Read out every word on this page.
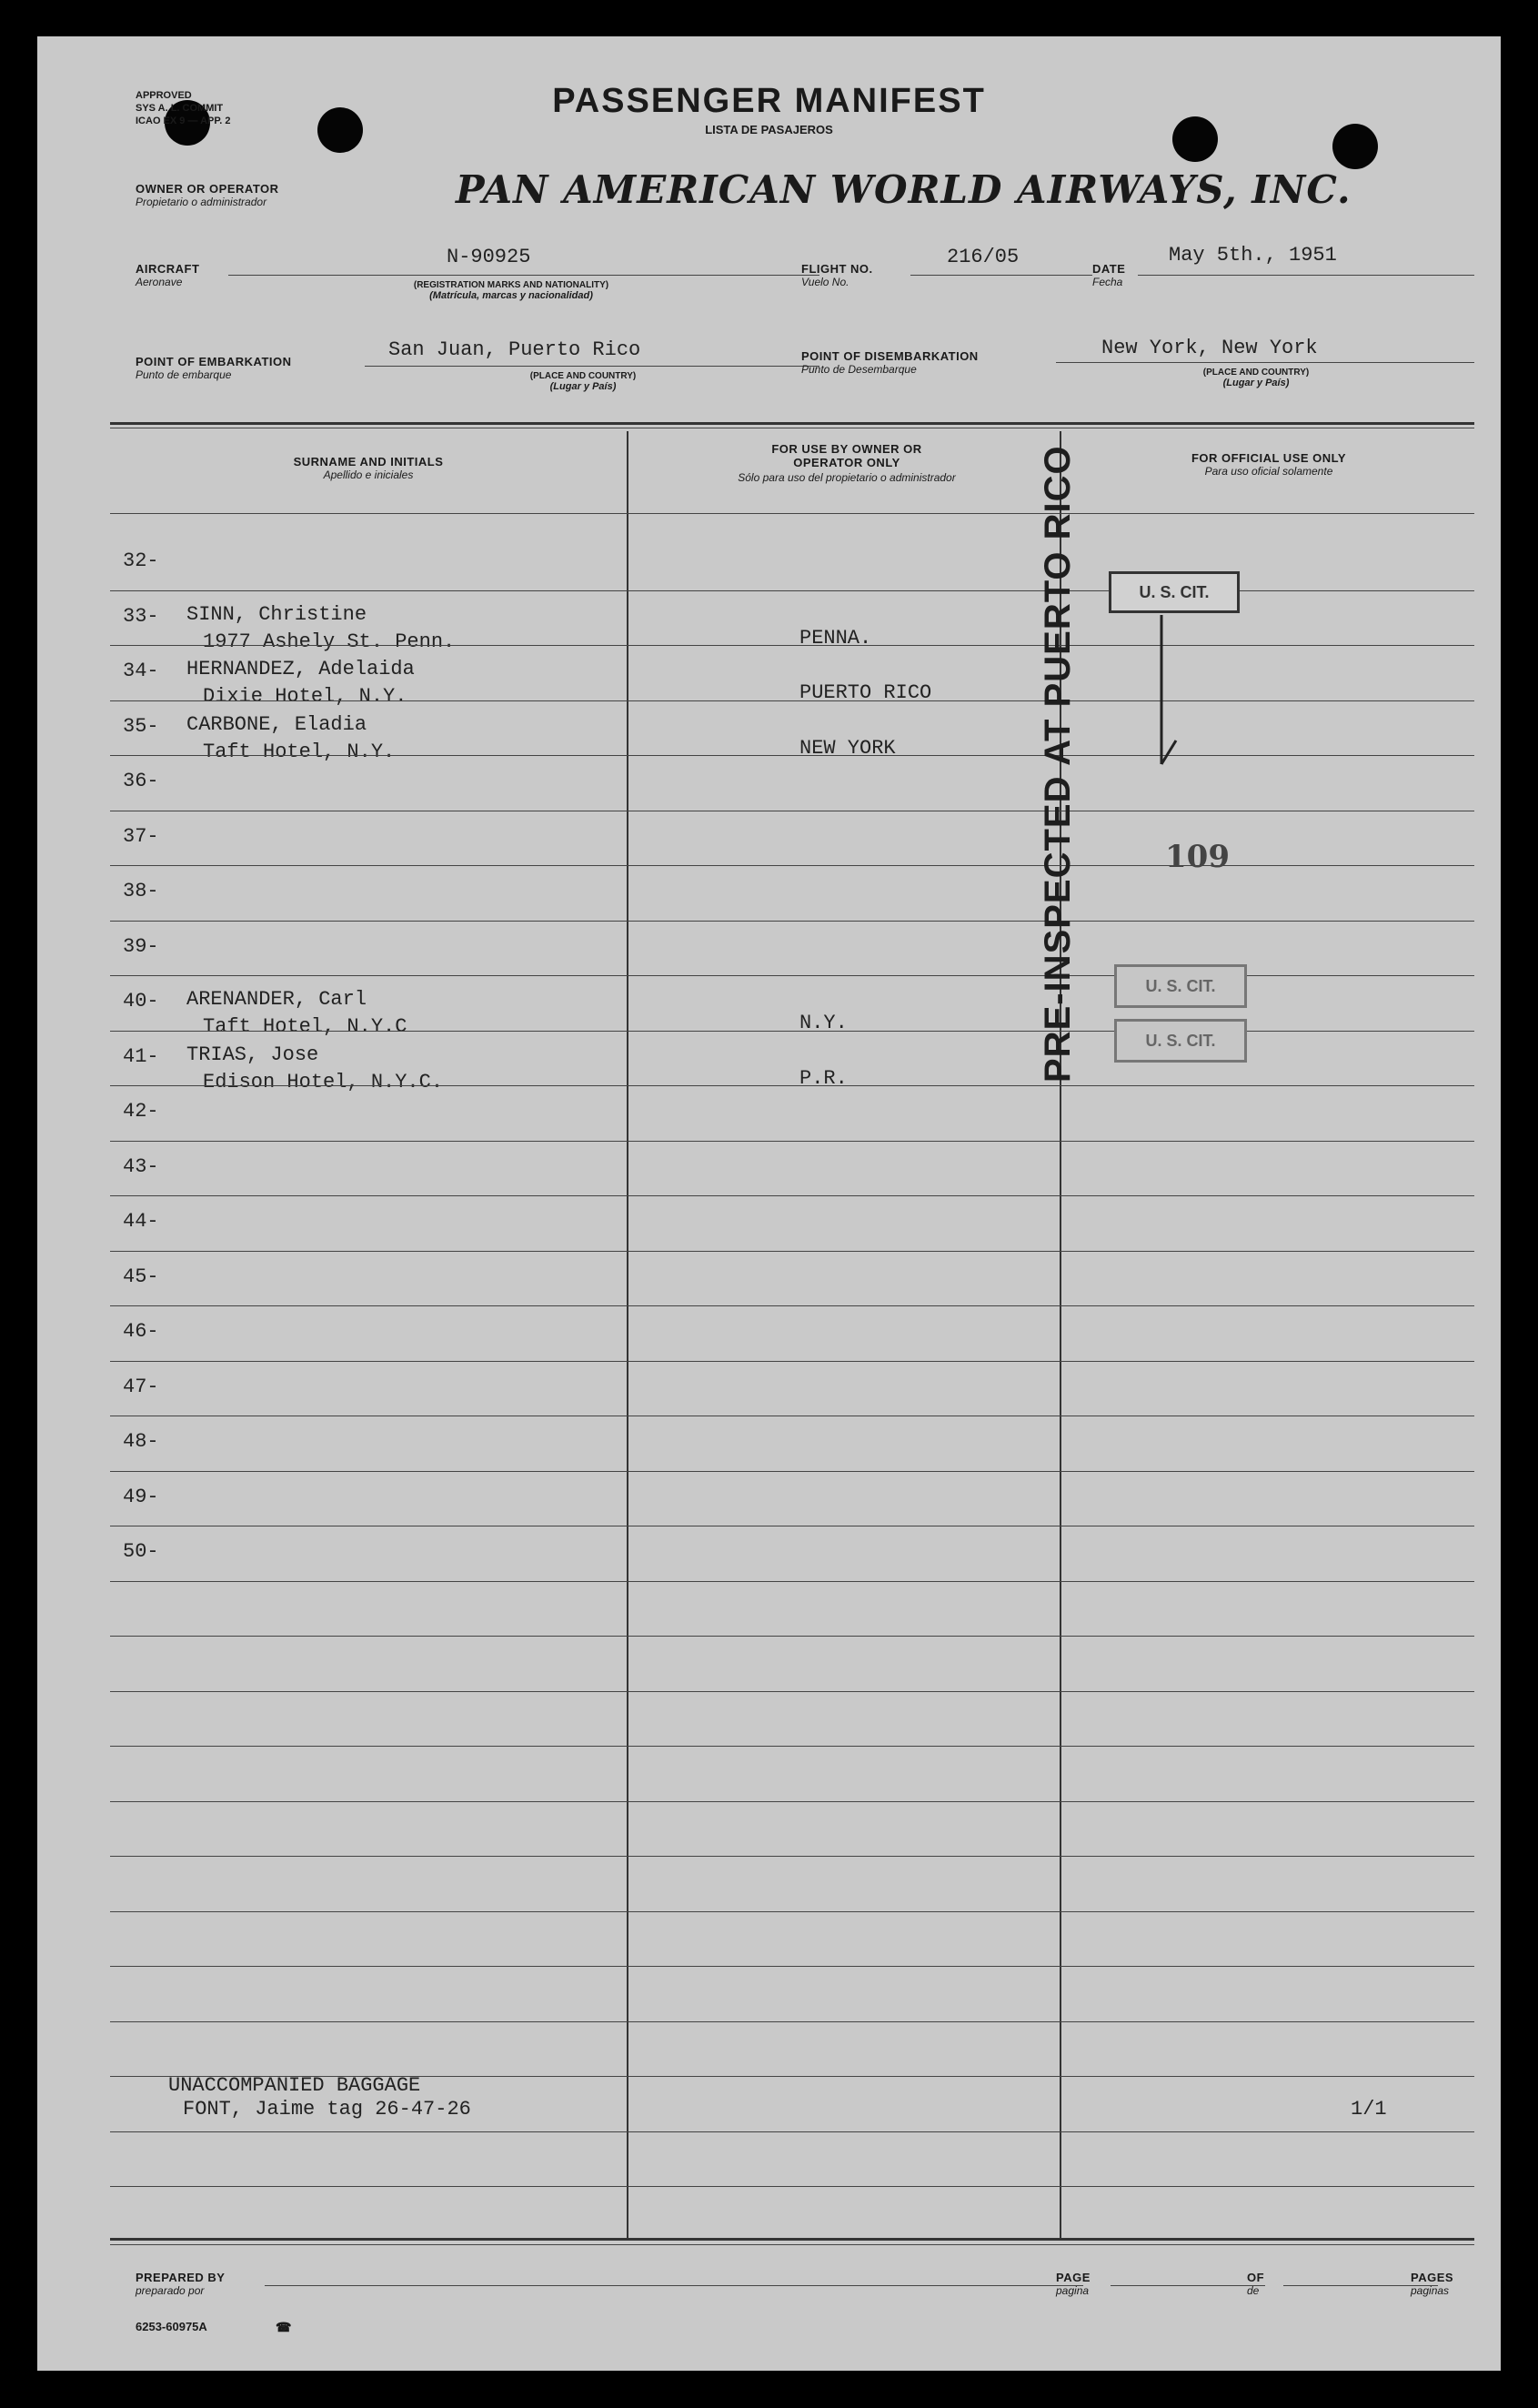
APPROVED
SYS A. L. COMMIT
ICAO EX 9 — APP. 2
PASSENGER MANIFEST
LISTA DE PASAJEROS
OWNER OR OPERATOR
Propietario o administrador	PAN AMERICAN WORLD AIRWAYS, INC.
AIRCRAFT
Aeronave
N-90925
(REGISTRATION MARKS AND NATIONALITY)
(Matrícula, marcas y nacionalidad)
FLIGHT NO.
Vuelo No.
216/05
DATE
Fecha
May 5th., 1951
POINT OF EMBARKATION
Punto de embarque
San Juan, Puerto Rico
(PLACE AND COUNTRY)
(Lugar y País)
POINT OF DISEMBARKATION
Punto de Desembarque
New York, New York
(PLACE AND COUNTRY)
(Lugar y País)
SURNAME AND INITIALS
Apellido e iniciales
FOR USE BY OWNER OR OPERATOR ONLY
Sólo para uso del propietario o administrador
FOR OFFICIAL USE ONLY
Para uso oficial solamente
32-
33- SINN, Christine
1977 Ashely St. Penn.	PENNA.
34- HERNANDEZ, Adelaida
Dixie Hotel, N.Y.	PUERTO RICO
35- CARBONE, Eladia
Taft Hotel, N.Y.	NEW YORK
36-
37-
38-
39-
40- ARENANDER, Carl
Taft Hotel, N.Y.C	N.Y.
41- TRIAS, Jose
Edison Hotel, N.Y.C.	P.R.
42-
43-
44-
45-
46-
47-
48-
49-
50-
PRE-INSPECTED AT PUERTO RICO	U. S. CIT.
109
U. S. CIT.
U. S. CIT.
UNACCOMPANIED BAGGAGE
FONT, Jaime tag 26-47-26	1/1
PREPARED BY
preparado por
PAGE
pagina
OF
de
PAGES
paginas
6253-60975A	☎
